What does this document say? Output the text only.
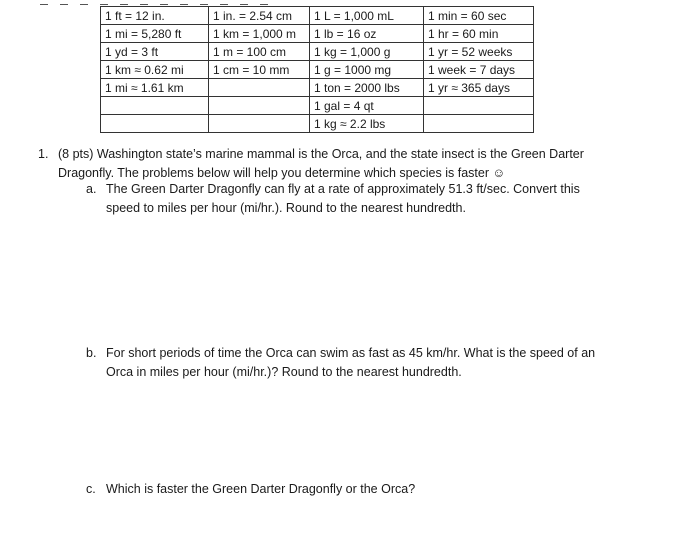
1 ft = 12 in.	1 in. = 2.54 cm	1 L = 1,000 mL	1 min = 60 sec
1 mi = 5,280 ft	1 km = 1,000 m	1 lb = 16 oz	1 hr = 60 min
1 yd = 3 ft	1 m = 100 cm	1 kg = 1,000 g	1 yr = 52 weeks
1 km ≈ 0.62 mi	1 cm = 10 mm	1 g = 1000 mg	1 week = 7 days
1 mi ≈ 1.61 km		1 ton = 2000 lbs	1 yr ≈ 365 days
		1 gal = 4 qt	
		1 kg ≈ 2.2 lbs	
1. (8 pts) Washington state’s marine mammal is the Orca, and the state insect is the Green Darter
Dragonfly. The problems below will help you determine which species is faster ☺
a. The Green Darter Dragonfly can fly at a rate of approximately 51.3 ft/sec. Convert this
speed to miles per hour (mi/hr.). Round to the nearest hundredth.
b. For short periods of time the Orca can swim as fast as 45 km/hr. What is the speed of an
Orca in miles per hour (mi/hr.)? Round to the nearest hundredth.
c. Which is faster the Green Darter Dragonfly or the Orca?
